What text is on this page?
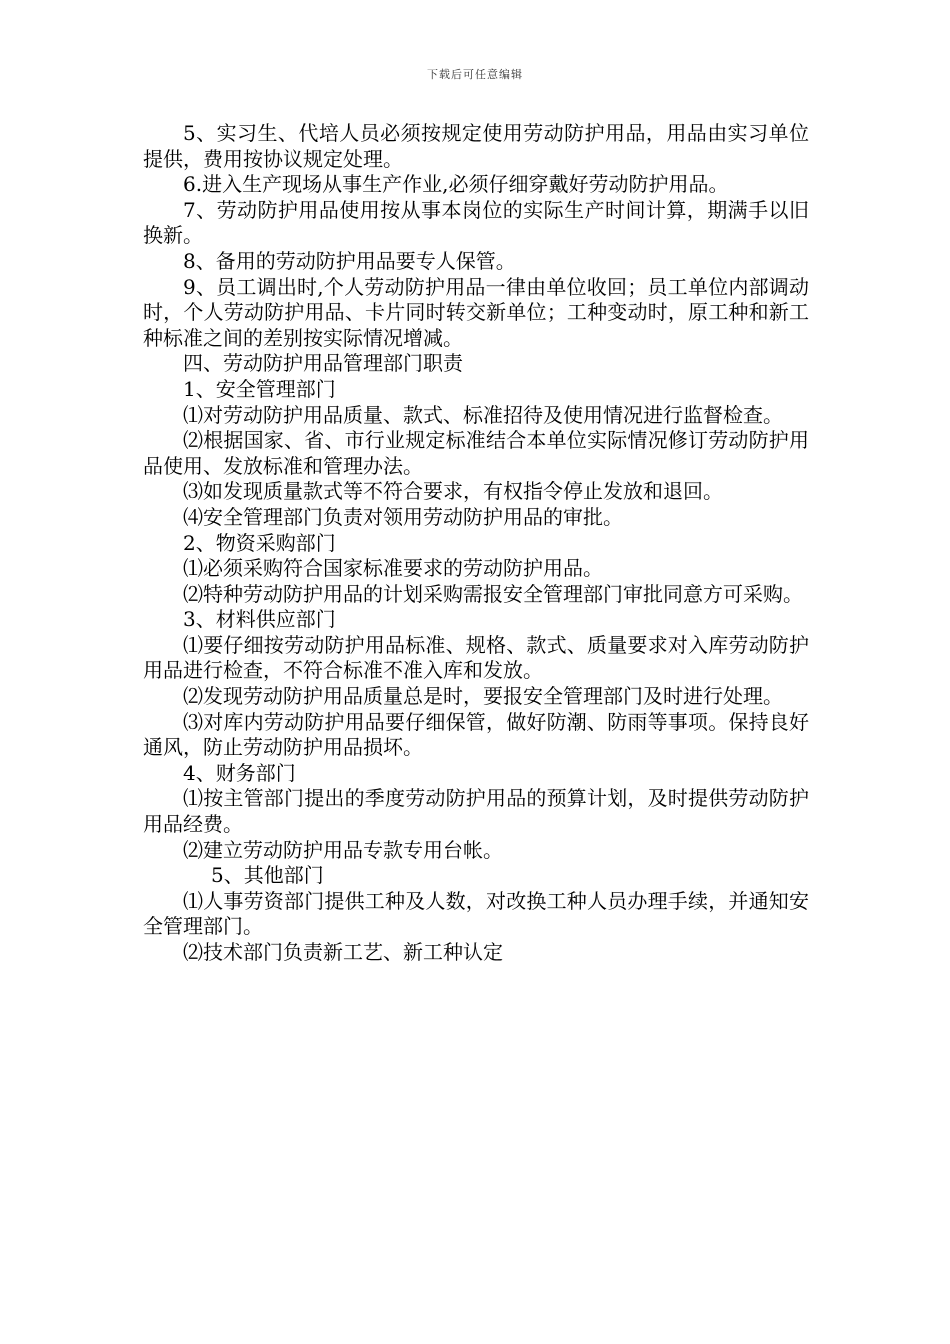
下载后可任意编辑

5、实习生、代培人员必须按规定使用劳动防护用品，用品由实习单位提供，费用按协议规定处理。

6.进入生产现场从事生产作业,必须仔细穿戴好劳动防护用品。

7、劳动防护用品使用按从事本岗位的实际生产时间计算，期满手以旧换新。

8、备用的劳动防护用品要专人保管。

9、员工调出时,个人劳动防护用品一律由单位收回；员工单位内部调动时，个人劳动防护用品、卡片同时转交新单位；工种变动时，原工种和新工种标准之间的差别按实际情况增减。

四、劳动防护用品管理部门职责

1、安全管理部门

⑴对劳动防护用品质量、款式、标准招待及使用情况进行监督检查。

⑵根据国家、省、市行业规定标准结合本单位实际情况修订劳动防护用品使用、发放标准和管理办法。

⑶如发现质量款式等不符合要求，有权指令停止发放和退回。

⑷安全管理部门负责对领用劳动防护用品的审批。

2、物资采购部门

⑴必须采购符合国家标准要求的劳动防护用品。

⑵特种劳动防护用品的计划采购需报安全管理部门审批同意方可采购。

3、材料供应部门

⑴要仔细按劳动防护用品标准、规格、款式、质量要求对入库劳动防护用品进行检查，不符合标准不准入库和发放。

⑵发现劳动防护用品质量总是时，要报安全管理部门及时进行处理。

⑶对库内劳动防护用品要仔细保管，做好防潮、防雨等事项。保持良好通风，防止劳动防护用品损坏。

4、财务部门

⑴按主管部门提出的季度劳动防护用品的预算计划，及时提供劳动防护用品经费。

⑵建立劳动防护用品专款专用台帐。

5、其他部门

⑴人事劳资部门提供工种及人数，对改换工种人员办理手续，并通知安全管理部门。

⑵技术部门负责新工艺、新工种认定
